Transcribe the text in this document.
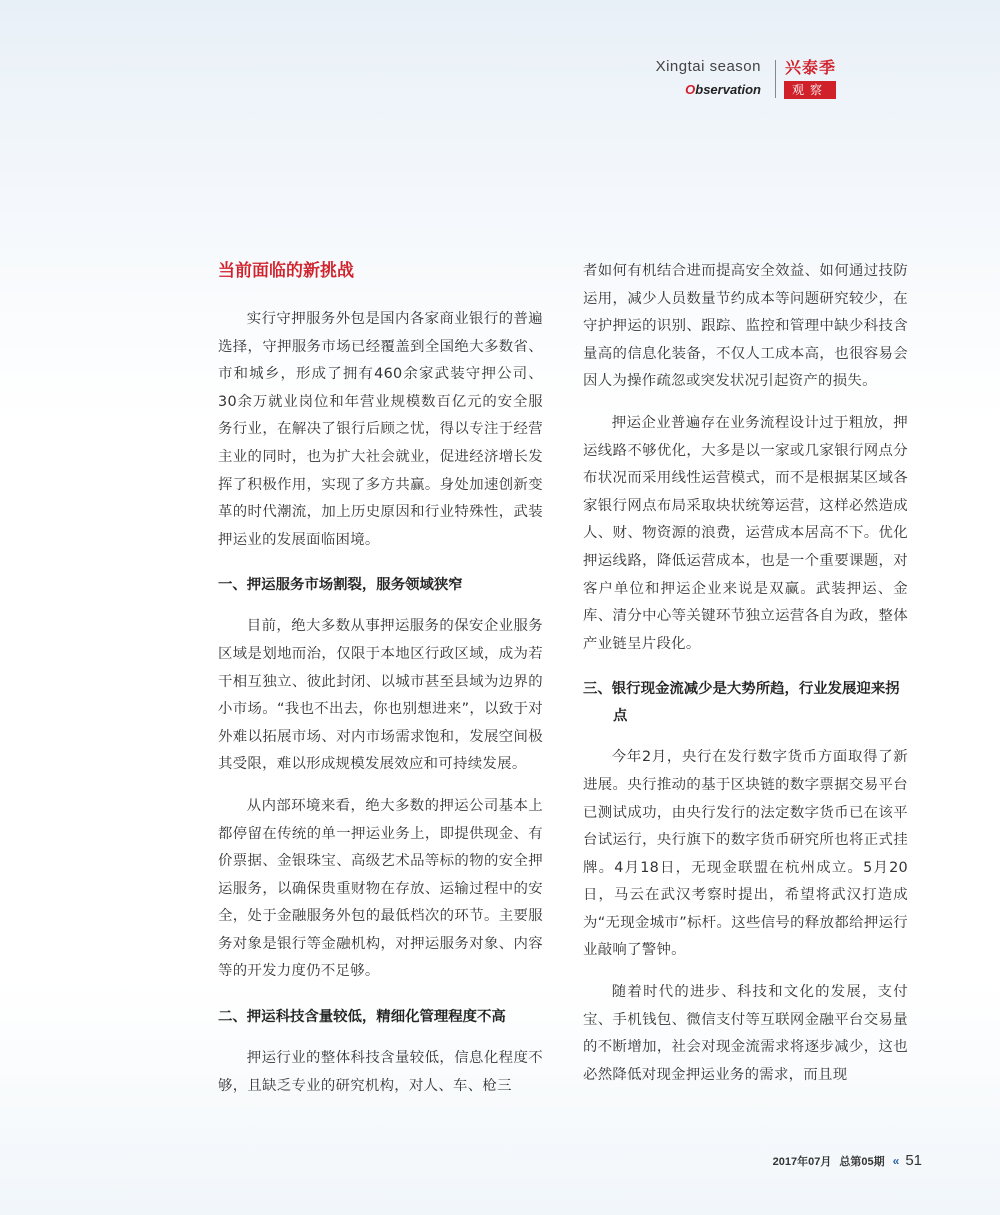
Xingtai season
Observation
兴泰季
观察
当前面临的新挑战

实行守押服务外包是国内各家商业银行的普遍选择，守押服务市场已经覆盖到全国绝大多数省、市和城乡，形成了拥有460余家武装守押公司、30余万就业岗位和年营业规模数百亿元的安全服务行业，在解决了银行后顾之忧，得以专注于经营主业的同时，也为扩大社会就业，促进经济增长发挥了积极作用，实现了多方共赢。身处加速创新变革的时代潮流，加上历史原因和行业特殊性，武装押运业的发展面临困境。

一、押运服务市场割裂，服务领域狭窄

目前，绝大多数从事押运服务的保安企业服务区域是划地而治，仅限于本地区行政区域，成为若干相互独立、彼此封闭、以城市甚至县域为边界的小市场。“我也不出去，你也别想进来”，以致于对外难以拓展市场、对内市场需求饱和，发展空间极其受限，难以形成规模发展效应和可持续发展。

从内部环境来看，绝大多数的押运公司基本上都停留在传统的单一押运业务上，即提供现金、有价票据、金银珠宝、高级艺术品等标的物的安全押运服务，以确保贵重财物在存放、运输过程中的安全，处于金融服务外包的最低档次的环节。主要服务对象是银行等金融机构，对押运服务对象、内容等的开发力度仍不足够。

二、押运科技含量较低，精细化管理程度不高

押运行业的整体科技含量较低，信息化程度不够，且缺乏专业的研究机构，对人、车、枪三

者如何有机结合进而提高安全效益、如何通过技防运用，减少人员数量节约成本等问题研究较少，在守护押运的识别、跟踪、监控和管理中缺少科技含量高的信息化装备，不仅人工成本高，也很容易会因人为操作疏忽或突发状况引起资产的损失。

押运企业普遍存在业务流程设计过于粗放，押运线路不够优化，大多是以一家或几家银行网点分布状况而采用线性运营模式，而不是根据某区域各家银行网点布局采取块状统筹运营，这样必然造成人、财、物资源的浪费，运营成本居高不下。优化押运线路，降低运营成本，也是一个重要课题，对客户单位和押运企业来说是双赢。武装押运、金库、清分中心等关键环节独立运营各自为政，整体产业链呈片段化。

三、银行现金流减少是大势所趋，行业发展迎来拐点

今年2月，央行在发行数字货币方面取得了新进展。央行推动的基于区块链的数字票据交易平台已测试成功，由央行发行的法定数字货币已在该平台试运行，央行旗下的数字货币研究所也将正式挂牌。4月18日，无现金联盟在杭州成立。5月20日，马云在武汉考察时提出，希望将武汉打造成为“无现金城市”标杆。这些信号的释放都给押运行业敲响了警钟。

随着时代的进步、科技和文化的发展，支付宝、手机钱包、微信支付等互联网金融平台交易量的不断增加，社会对现金流需求将逐步减少，这也必然降低对现金押运业务的需求，而且现

2017年07月 总第05期 « 51
